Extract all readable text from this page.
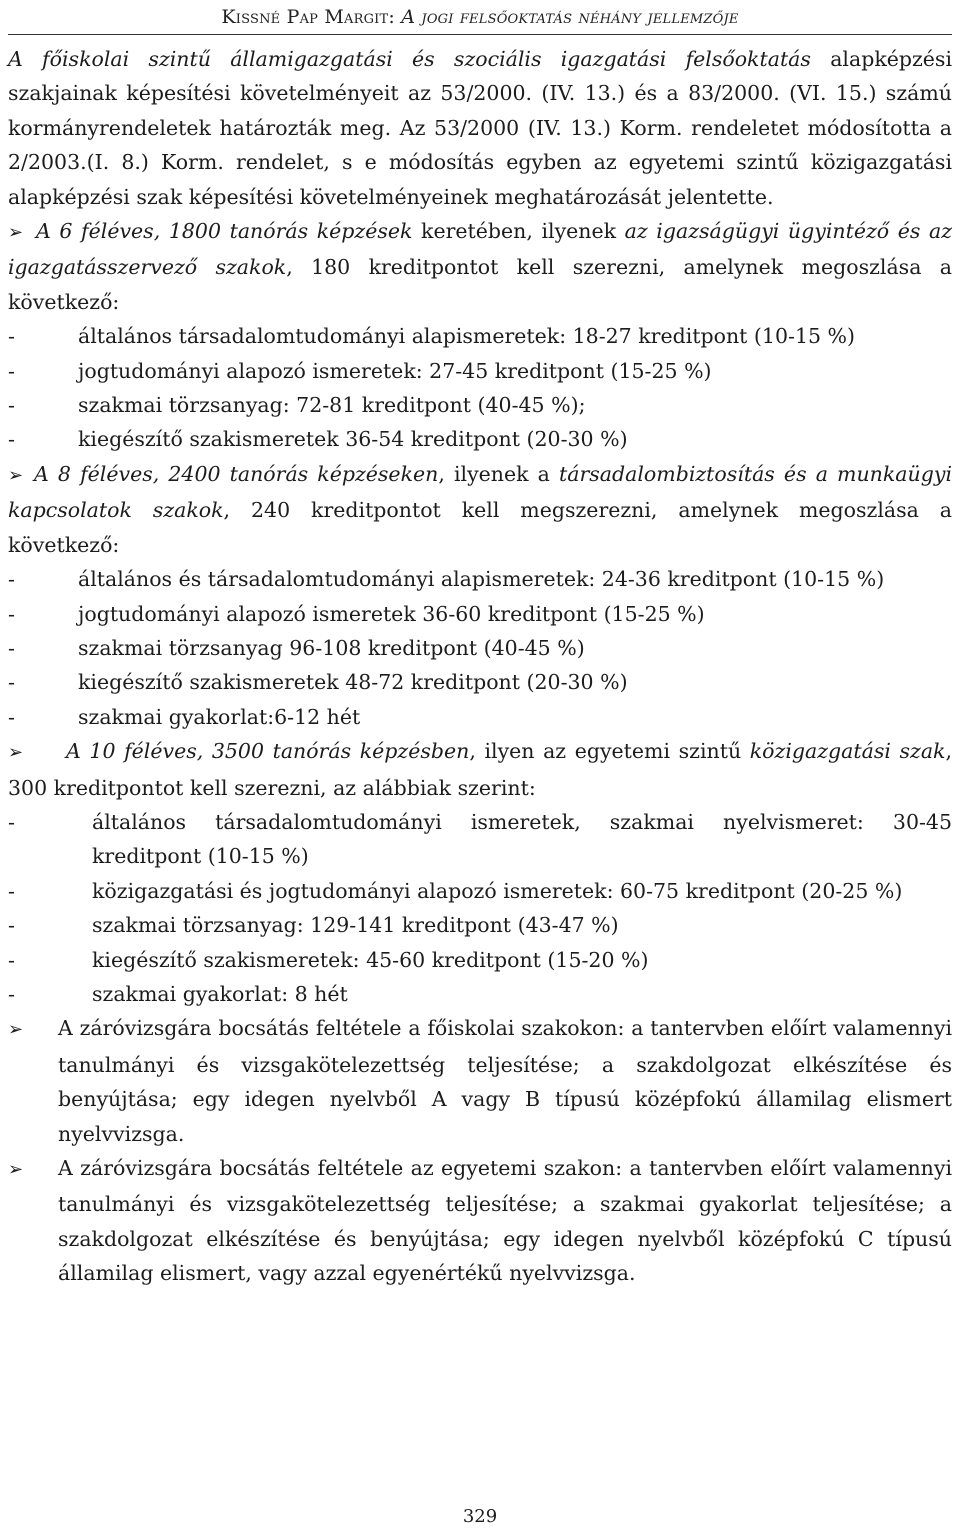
Kissné Pap Margit: A jogi felsőoktatás néhány jellemzője

A főiskolai szintű államigazgatási és szociális igazgatási felsőoktatás alapképzési szakjainak képesítési követelményeit az 53/2000. (IV. 13.) és a 83/2000. (VI. 15.) számú kormányrendeletek határozták meg. Az 53/2000 (IV. 13.) Korm. rendeletet módosította a 2/2003.(I. 8.) Korm. rendelet, s e módosítás egyben az egyetemi szintű közigazgatási alapképzési szak képesítési követelményeinek meghatározását jelentette.

➢ A 6 féléves, 1800 tanórás képzések keretében, ilyenek az igazságügyi ügyintéző és az igazgatásszervező szakok, 180 kreditpontot kell szerezni, amelynek megoszlása a következő:
-	általános társadalomtudományi alapismeretek: 18-27 kreditpont (10-15 %)
-	jogtudományi alapozó ismeretek: 27-45 kreditpont (15-25 %)
-	szakmai törzsanyag: 72-81 kreditpont (40-45 %);
-	kiegészítő szakismeretek 36-54 kreditpont (20-30 %)
➢ A 8 féléves, 2400 tanórás képzéseken, ilyenek a társadalombiztosítás és a munkaügyi kapcsolatok szakok, 240 kreditpontot kell megszerezni, amelynek megoszlása a következő:
-	általános és társadalomtudományi alapismeretek: 24-36 kreditpont (10-15 %)
-	jogtudományi alapozó ismeretek 36-60 kreditpont (15-25 %)
-	szakmai törzsanyag 96-108 kreditpont (40-45 %)
-	kiegészítő szakismeretek 48-72 kreditpont (20-30 %)
-	szakmai gyakorlat:6-12 hét
➢ A 10 féléves, 3500 tanórás képzésben, ilyen az egyetemi szintű közigazgatási szak, 300 kreditpontot kell szerezni, az alábbiak szerint:
-	általános társadalomtudományi ismeretek, szakmai nyelvismeret: 30-45 kreditpont (10-15 %)
-	közigazgatási és jogtudományi alapozó ismeretek: 60-75 kreditpont (20-25 %)
-	szakmai törzsanyag: 129-141 kreditpont (43-47 %)
-	kiegészítő szakismeretek: 45-60 kreditpont (15-20 %)
-	szakmai gyakorlat: 8 hét
➢ A záróvizsgára bocsátás feltétele a főiskolai szakokon: a tantervben előírt valamennyi tanulmányi és vizsgakötelezettség teljesítése; a szakdolgozat elkészítése és benyújtása; egy idegen nyelvből A vagy B típusú középfokú államilag elismert nyelvvizsga.
➢ A záróvizsgára bocsátás feltétele az egyetemi szakon: a tantervben előírt valamennyi tanulmányi és vizsgakötelezettség teljesítése; a szakmai gyakorlat teljesítése; a szakdolgozat elkészítése és benyújtása; egy idegen nyelvből középfokú C típusú államilag elismert, vagy azzal egyenértékű nyelvvizsga.
329
